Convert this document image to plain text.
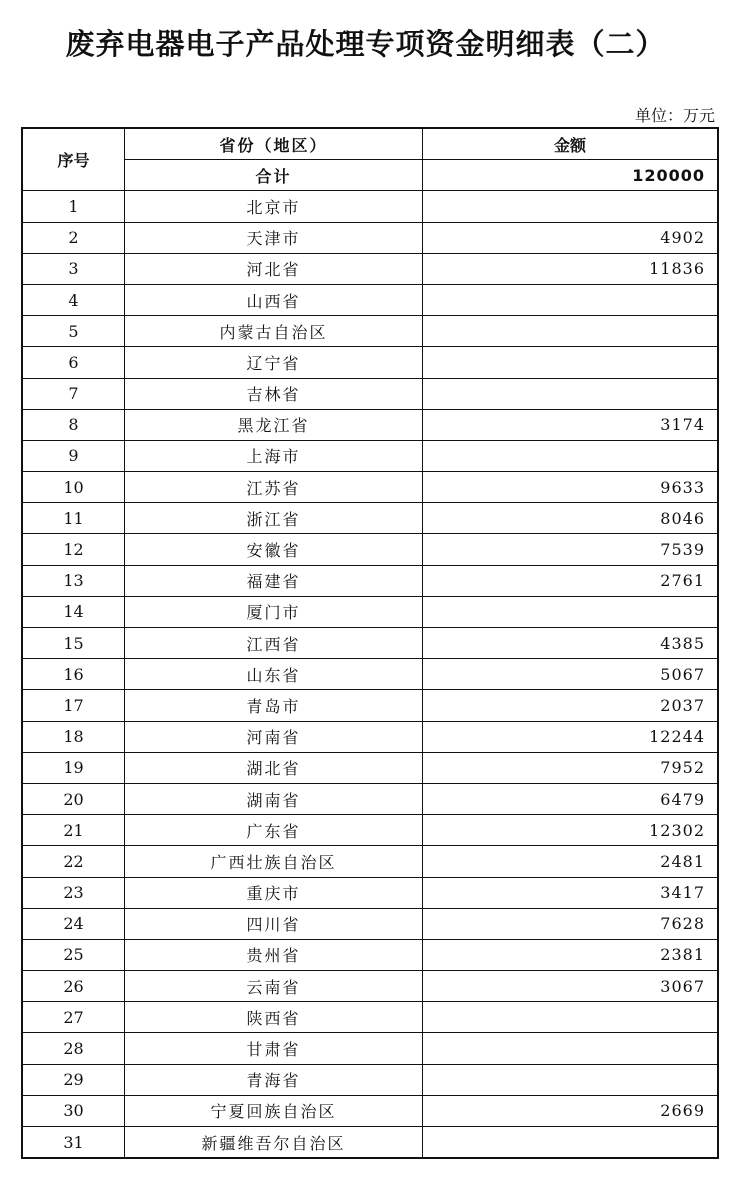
废弃电器电子产品处理专项资金明细表（二）
单位：万元
序号	省份（地区）	金额
	合计	120000
1	北京市	
2	天津市	4902
3	河北省	11836
4	山西省	
5	内蒙古自治区	
6	辽宁省	
7	吉林省	
8	黑龙江省	3174
9	上海市	
10	江苏省	9633
11	浙江省	8046
12	安徽省	7539
13	福建省	2761
14	厦门市	
15	江西省	4385
16	山东省	5067
17	青岛市	2037
18	河南省	12244
19	湖北省	7952
20	湖南省	6479
21	广东省	12302
22	广西壮族自治区	2481
23	重庆市	3417
24	四川省	7628
25	贵州省	2381
26	云南省	3067
27	陕西省	
28	甘肃省	
29	青海省	
30	宁夏回族自治区	2669
31	新疆维吾尔自治区	
